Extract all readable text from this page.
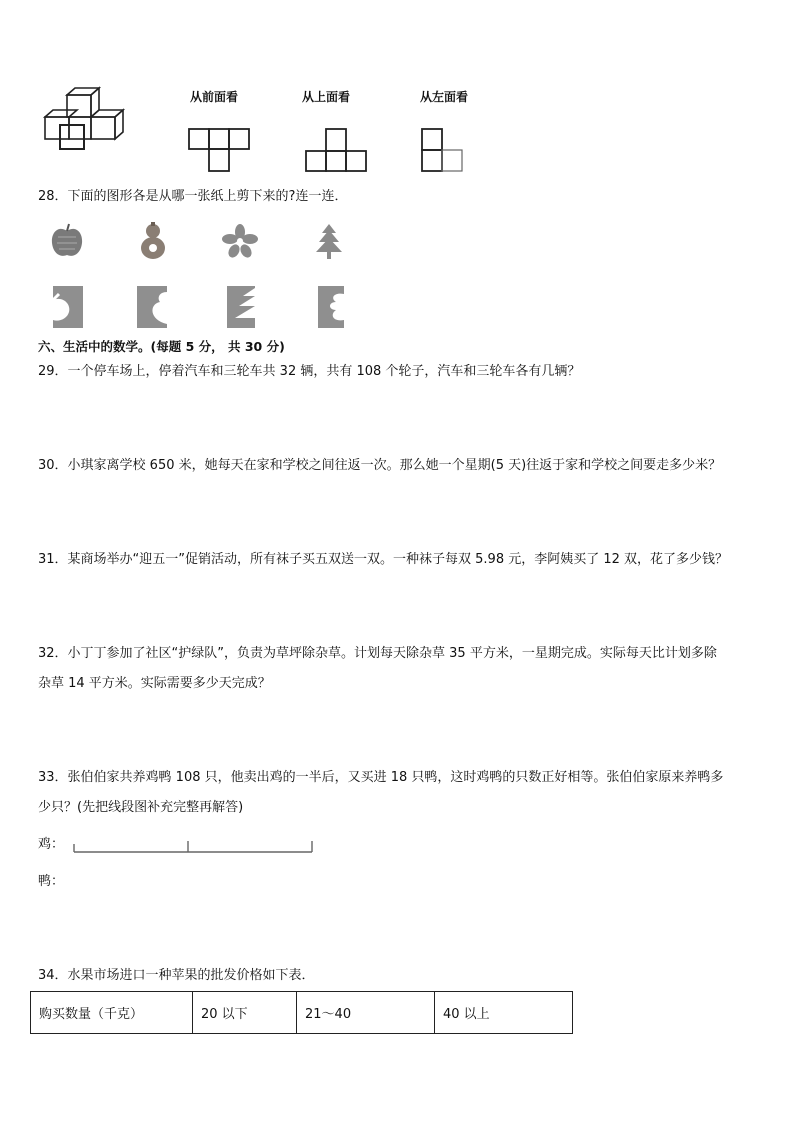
从前面看	从上面看	从左面看
28．下面的图形各是从哪一张纸上剪下来的?连一连．
六、生活中的数学。(每题 5 分， 共 30 分)
29．一个停车场上，停着汽车和三轮车共 32 辆，共有 108 个轮子，汽车和三轮车各有几辆？
30．小琪家离学校 650 米，她每天在家和学校之间往返一次。那么她一个星期(5 天)往返于家和学校之间要走多少米？
31．某商场举办“迎五一”促销活动，所有袜子买五双送一双。一种袜子每双 5.98 元，李阿姨买了 12 双，花了多少钱？
32．小丁丁参加了社区“护绿队”，负责为草坪除杂草。计划每天除杂草 35 平方米，一星期完成。实际每天比计划多除
杂草 14 平方米。实际需要多少天完成？
33．张伯伯家共养鸡鸭 108 只，他卖出鸡的一半后，又买进 18 只鸭，这时鸡鸭的只数正好相等。张伯伯家原来养鸭多
少只？(先把线段图补充完整再解答)
鸡：
鸭：
34．水果市场进口一种苹果的批发价格如下表．
购买数量（千克）	20 以下	21～40	40 以上
